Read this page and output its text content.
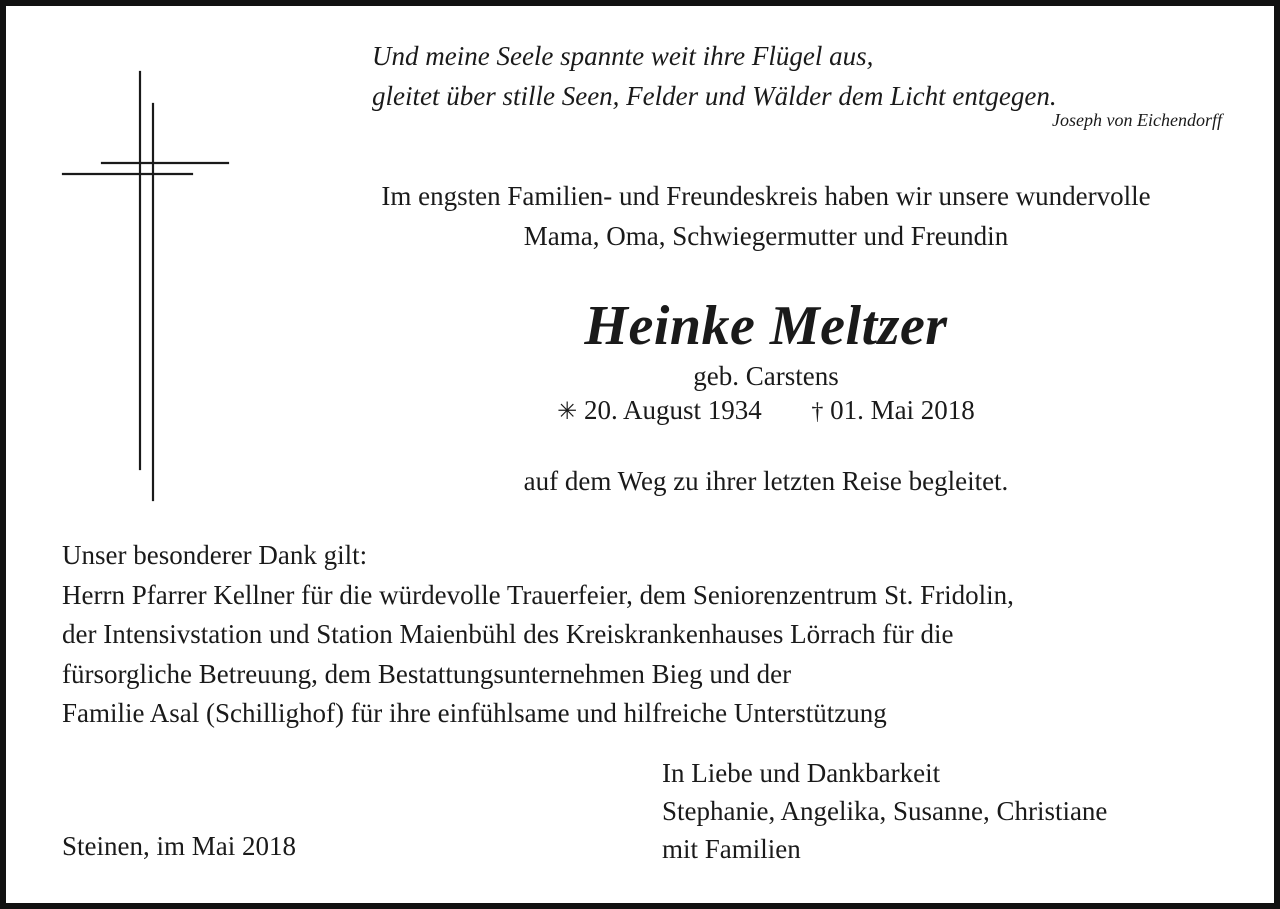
Und meine Seele spannte weit ihre Flügel aus,
gleitet über stille Seen, Felder und Wälder dem Licht entgegen.
Joseph von Eichendorff
Im engsten Familien- und Freundeskreis haben wir unsere wundervolle
Mama, Oma, Schwiegermutter und Freundin
Heinke Meltzer
geb. Carstens
✳ 20. August 1934 † 01. Mai 2018
auf dem Weg zu ihrer letzten Reise begleitet.
Unser besonderer Dank gilt:
Herrn Pfarrer Kellner für die würdevolle Trauerfeier, dem Seniorenzentrum St. Fridolin,
der Intensivstation und Station Maienbühl des Kreiskrankenhauses Lörrach für die
fürsorgliche Betreuung, dem Bestattungsunternehmen Bieg und der
Familie Asal (Schillighof) für ihre einfühlsame und hilfreiche Unterstützung
In Liebe und Dankbarkeit
Stephanie, Angelika, Susanne, Christiane
mit Familien
Steinen, im Mai 2018
